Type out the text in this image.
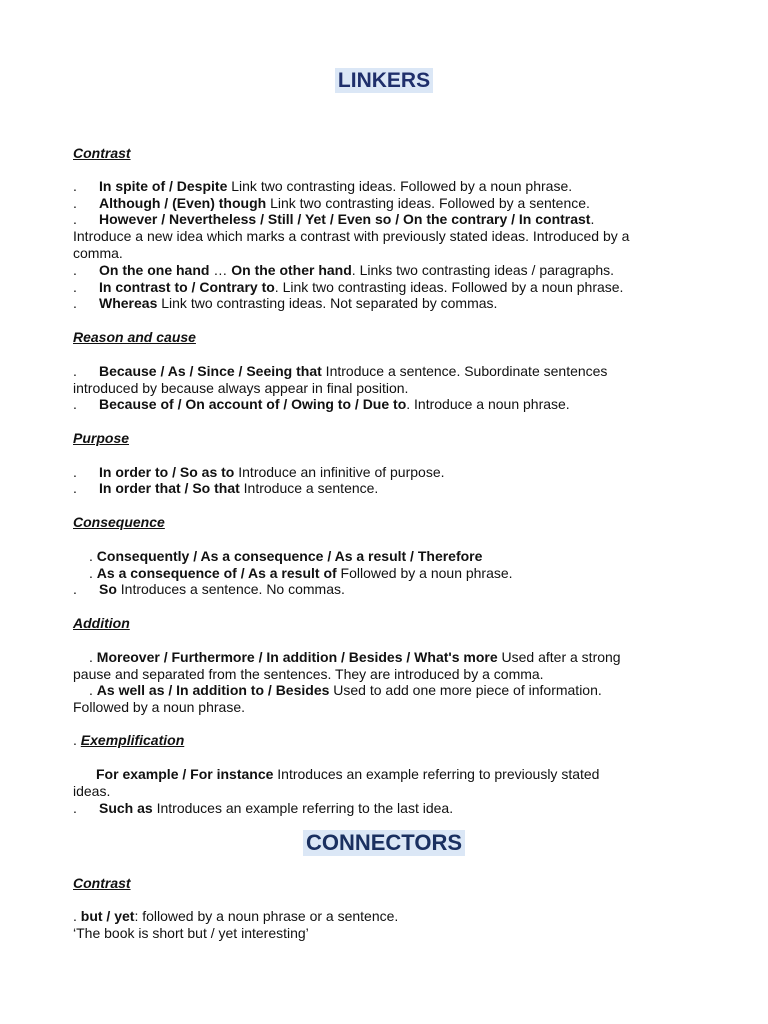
LINKERS
Contrast
. In spite of / Despite Link two contrasting ideas. Followed by a noun phrase.
. Although / (Even) though Link two contrasting ideas. Followed by a sentence.
. However / Nevertheless / Still / Yet / Even so / On the contrary / In contrast.
Introduce a new idea which marks a contrast with previously stated ideas. Introduced by a
comma.
. On the one hand … On the other hand. Links two contrasting ideas / paragraphs.
. In contrast to / Contrary to. Link two contrasting ideas. Followed by a noun phrase.
. Whereas Link two contrasting ideas. Not separated by commas.
Reason and cause
. Because / As / Since / Seeing that Introduce a sentence. Subordinate sentences
introduced by because always appear in final position.
. Because of / On account of / Owing to / Due to. Introduce a noun phrase.
Purpose
. In order to / So as to Introduce an infinitive of purpose.
. In order that / So that Introduce a sentence.
Consequence
. Consequently / As a consequence / As a result / Therefore
. As a consequence of / As a result of Followed by a noun phrase.
. So Introduces a sentence. No commas.
Addition
. Moreover / Furthermore / In addition / Besides / What's more Used after a strong
pause and separated from the sentences. They are introduced by a comma.
. As well as / In addition to / Besides Used to add one more piece of information.
Followed by a noun phrase.
. Exemplification
For example / For instance Introduces an example referring to previously stated
ideas.
. Such as Introduces an example referring to the last idea.
CONNECTORS
Contrast
. but / yet: followed by a noun phrase or a sentence.
‘The book is short but / yet interesting’
